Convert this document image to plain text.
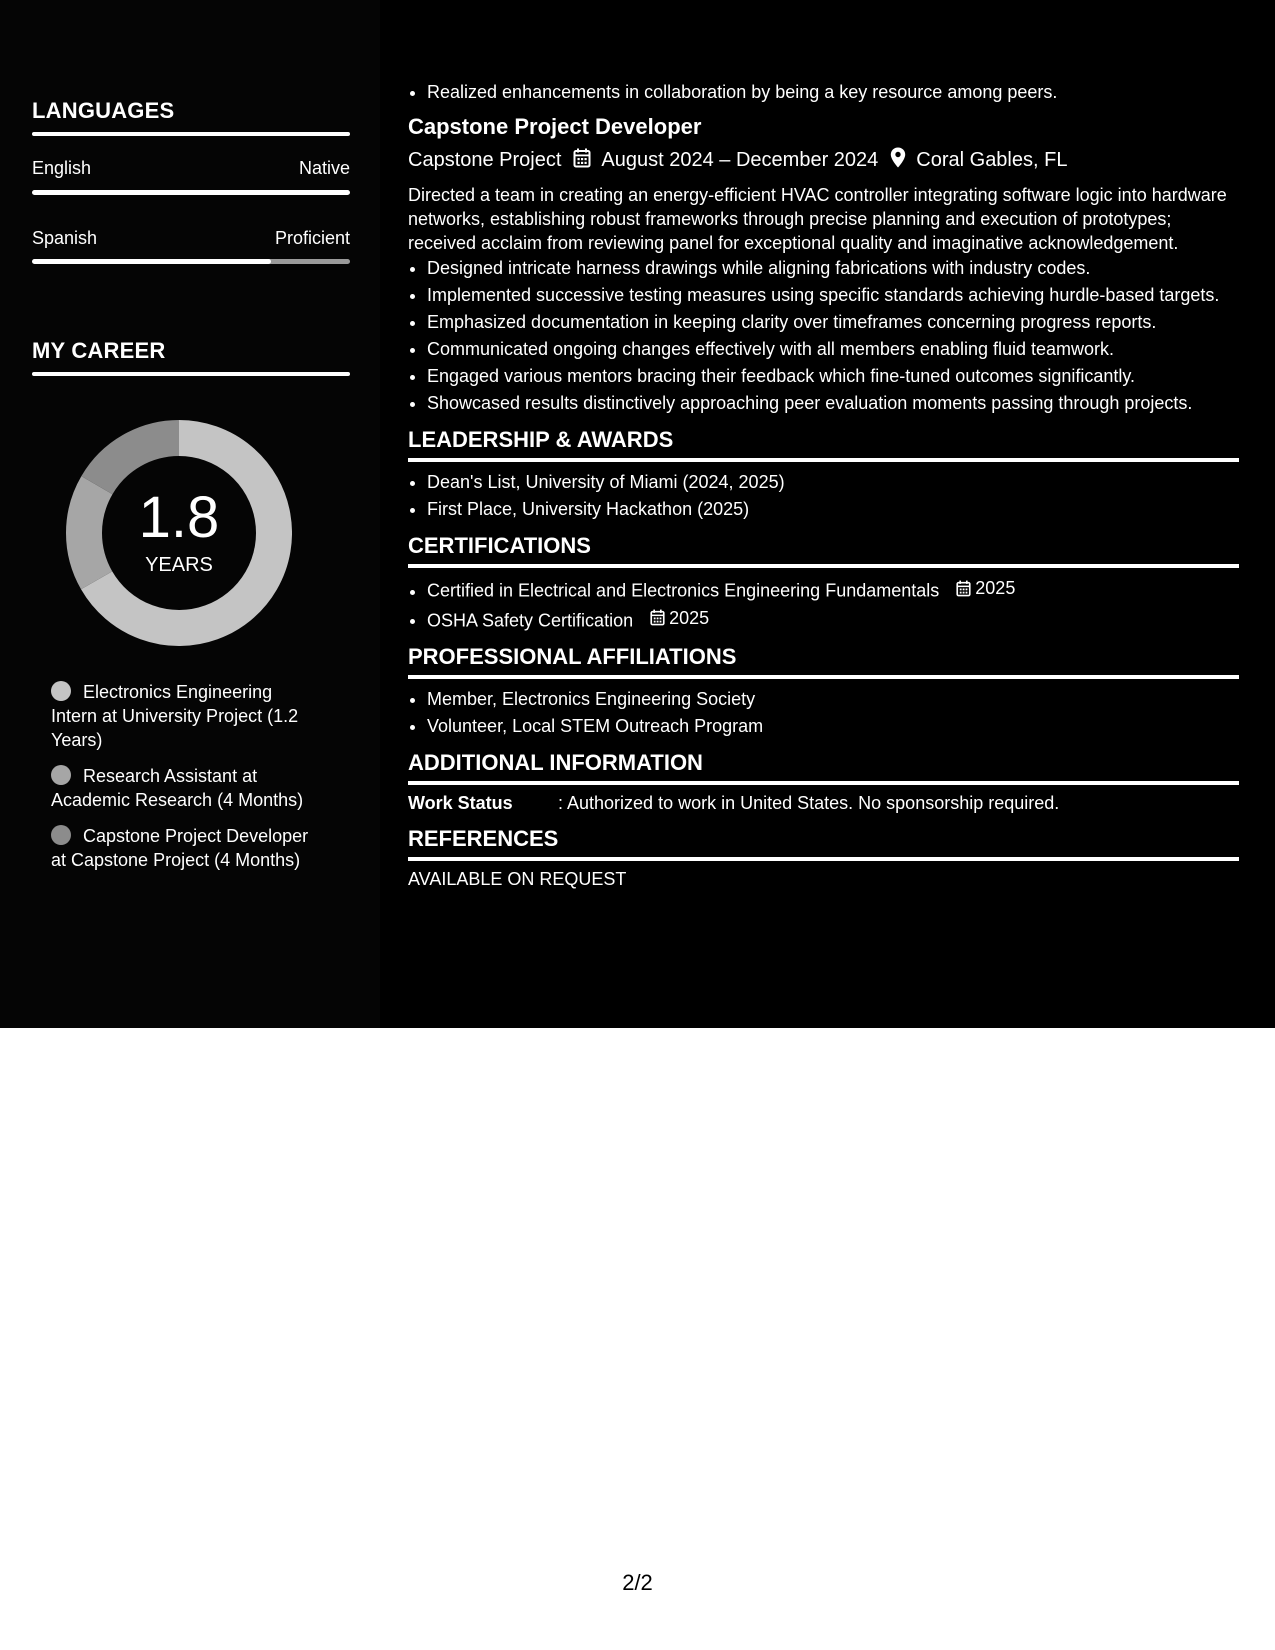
LANGUAGES
English	Native
Spanish	Proficient
MY CAREER
1.8
YEARS
Electronics Engineering Intern at University Project (1.2 Years)
Research Assistant at Academic Research (4 Months)
Capstone Project Developer at Capstone Project (4 Months)
• Realized enhancements in collaboration by being a key resource among peers.
Capstone Project Developer
Capstone Project August 2024 – December 2024 Coral Gables, FL
Directed a team in creating an energy-efficient HVAC controller integrating software logic into hardware networks, establishing robust frameworks through precise planning and execution of prototypes; received acclaim from reviewing panel for exceptional quality and imaginative acknowledgement.
• Designed intricate harness drawings while aligning fabrications with industry codes.
• Implemented successive testing measures using specific standards achieving hurdle-based targets.
• Emphasized documentation in keeping clarity over timeframes concerning progress reports.
• Communicated ongoing changes effectively with all members enabling fluid teamwork.
• Engaged various mentors bracing their feedback which fine-tuned outcomes significantly.
• Showcased results distinctively approaching peer evaluation moments passing through projects.
LEADERSHIP & AWARDS
• Dean's List, University of Miami (2024, 2025)
• First Place, University Hackathon (2025)
CERTIFICATIONS
• Certified in Electrical and Electronics Engineering Fundamentals 2025
• OSHA Safety Certification 2025
PROFESSIONAL AFFILIATIONS
• Member, Electronics Engineering Society
• Volunteer, Local STEM Outreach Program
ADDITIONAL INFORMATION
Work Status	: Authorized to work in United States. No sponsorship required.
REFERENCES
AVAILABLE ON REQUEST
2/2
